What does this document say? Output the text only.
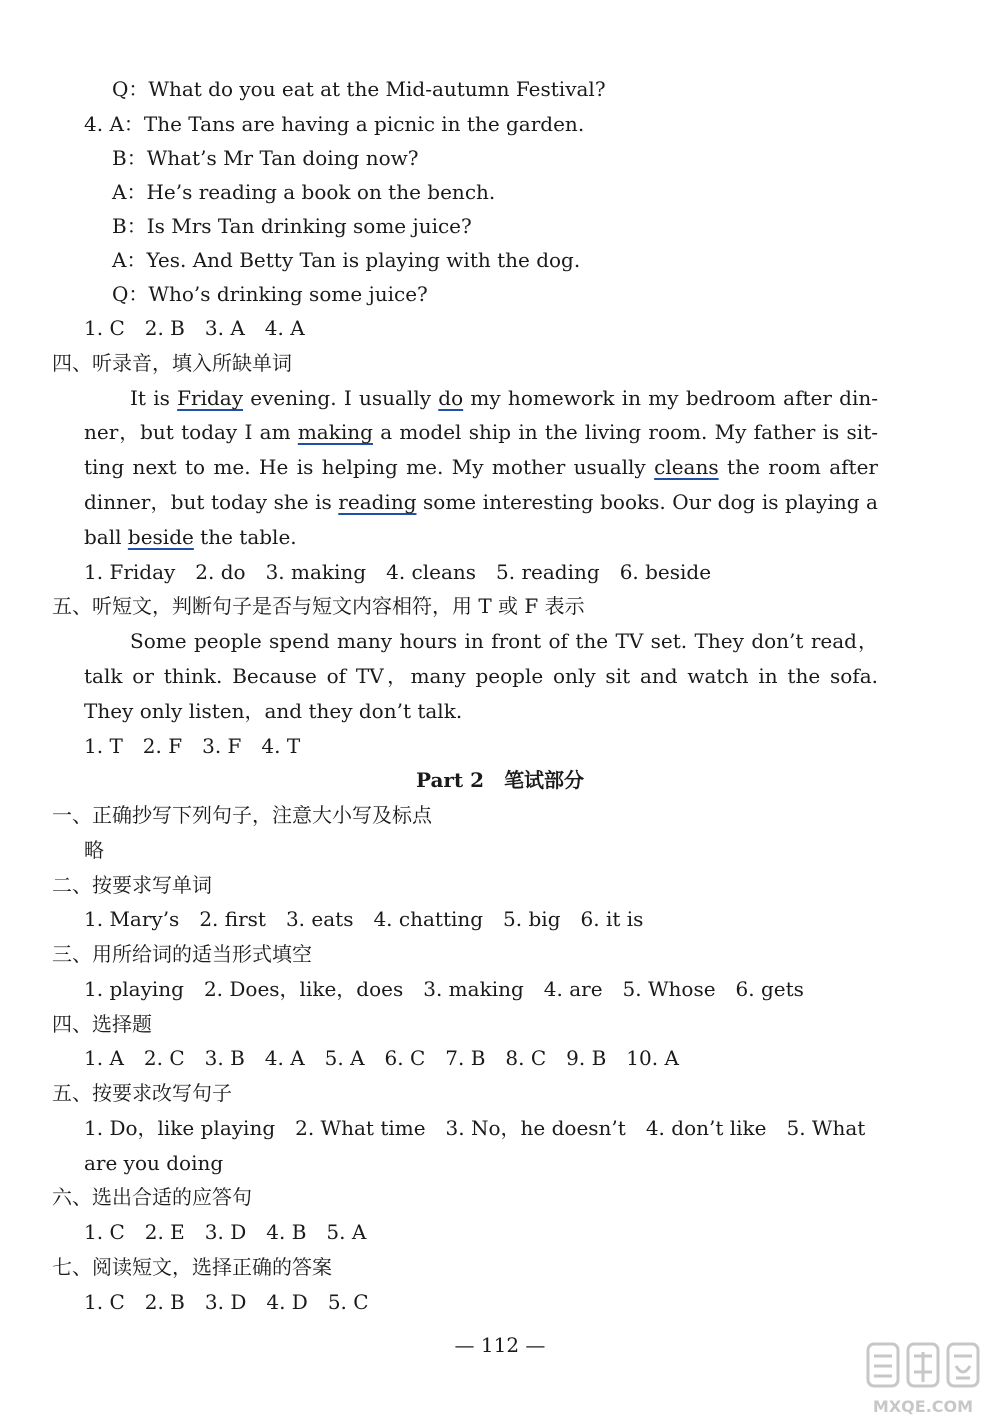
Q：What do you eat at the Mid-autumn Festival?
4. A：The Tans are having a picnic in the garden.
B：What’s Mr Tan doing now?
A：He’s reading a book on the bench.
B：Is Mrs Tan drinking some juice?
A：Yes. And Betty Tan is playing with the dog.
Q：Who’s drinking some juice?
1. C　2. B　3. A　4. A
四、听录音，填入所缺单词
It is Friday evening. I usually do my homework in my bedroom after din-
ner，but today I am making a model ship in the living room. My father is sit-
ting next to me. He is helping me. My mother usually cleans the room after
dinner，but today she is reading some interesting books. Our dog is playing a
ball beside the table.
1. Friday　2. do　3. making　4. cleans　5. reading　6. beside
五、听短文，判断句子是否与短文内容相符，用 T 或 F 表示
Some people spend many hours in front of the TV set. They don’t read，
talk or think. Because of TV，many people only sit and watch in the sofa.
They only listen，and they don’t talk.
1. T　2. F　3. F　4. T
Part 2　 笔试部分
一、正确抄写下列句子，注意大小写及标点
略
二、按要求写单词
1. Mary’s　2. first　3. eats　4. chatting　5. big　6. it is
三、用所给词的适当形式填空
1. playing　2. Does，like，does　3. making　4. are　5. Whose　6. gets
四、选择题
1. A　2. C　3. B　4. A　5. A　6. C　7. B　8. C　9. B　10. A
五、按要求改写句子
1. Do，like playing　2. What time　3. No，he doesn’t　4. don’t like　5. What
are you doing
六、选出合适的应答句
1. C　2. E　3. D　4. B　5. A
七、阅读短文，选择正确的答案
1. C　2. B　3. D　4. D　5. C
— 112 —
MXQE.COM
